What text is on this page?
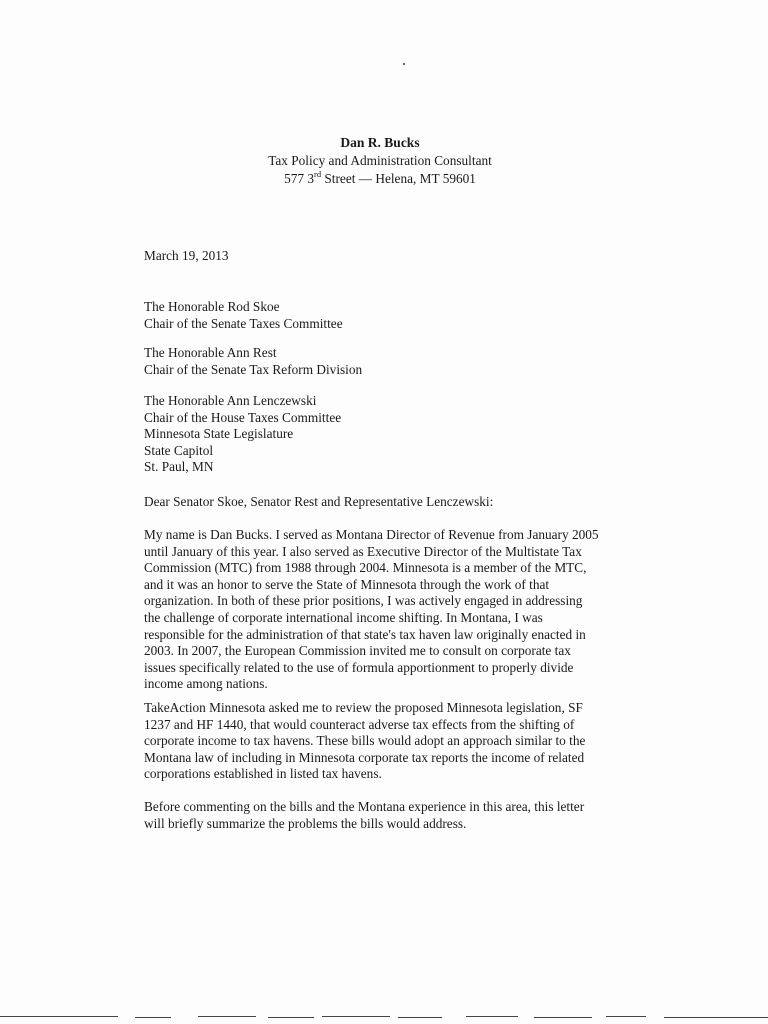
Dan R. Bucks
Tax Policy and Administration Consultant
577 3rd Street — Helena, MT 59601
March 19, 2013
The Honorable Rod Skoe
Chair of the Senate Taxes Committee
The Honorable Ann Rest
Chair of the Senate Tax Reform Division
The Honorable Ann Lenczewski
Chair of the House Taxes Committee
Minnesota State Legislature
State Capitol
St. Paul, MN
Dear Senator Skoe, Senator Rest and Representative Lenczewski:
My name is Dan Bucks. I served as Montana Director of Revenue from January 2005
until January of this year. I also served as Executive Director of the Multistate Tax
Commission (MTC) from 1988 through 2004. Minnesota is a member of the MTC,
and it was an honor to serve the State of Minnesota through the work of that
organization. In both of these prior positions, I was actively engaged in addressing
the challenge of corporate international income shifting. In Montana, I was
responsible for the administration of that state's tax haven law originally enacted in
2003. In 2007, the European Commission invited me to consult on corporate tax
issues specifically related to the use of formula apportionment to properly divide
income among nations.
TakeAction Minnesota asked me to review the proposed Minnesota legislation, SF
1237 and HF 1440, that would counteract adverse tax effects from the shifting of
corporate income to tax havens. These bills would adopt an approach similar to the
Montana law of including in Minnesota corporate tax reports the income of related
corporations established in listed tax havens.
Before commenting on the bills and the Montana experience in this area, this letter
will briefly summarize the problems the bills would address.
